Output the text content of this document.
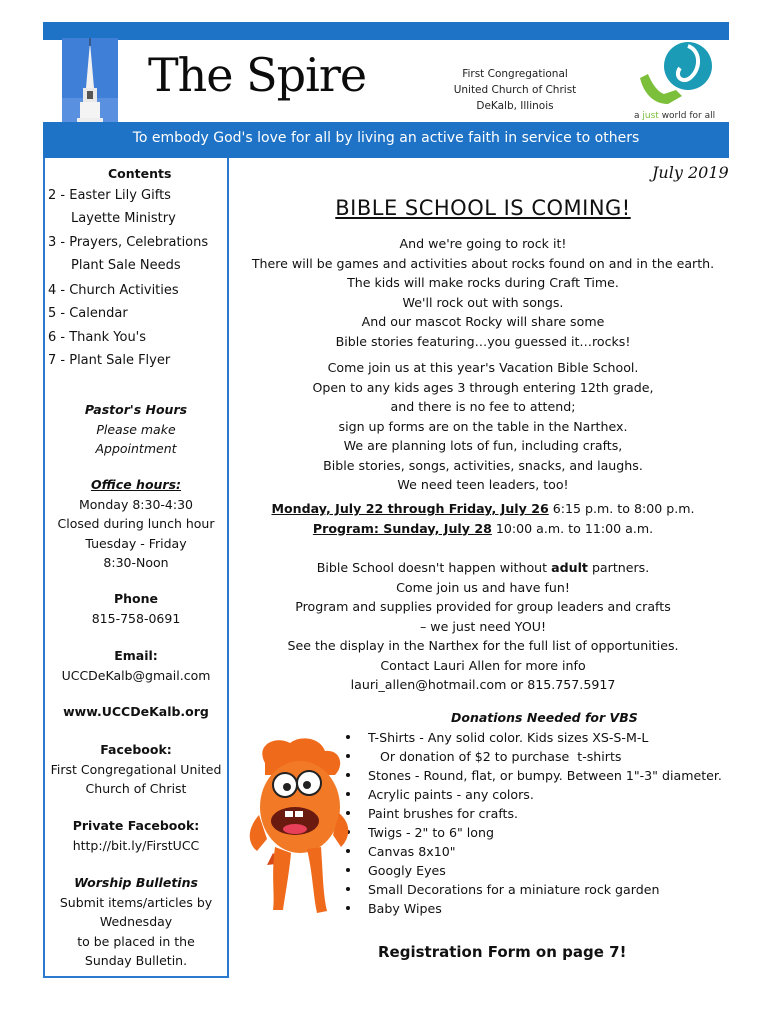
The Spire	First Congregational
United Church of Christ
DeKalb, Illinois
a just world for all
To embody God's love for all by living an active faith in service to others
Contents
2 - Easter Lily Gifts
Layette Ministry
3 - Prayers, Celebrations
Plant Sale Needs
4 - Church Activities
5 - Calendar
6 - Thank You's
7 - Plant Sale Flyer
Pastor's Hours
Please make
Appointment
Office hours:
Monday 8:30-4:30
Closed during lunch hour
Tuesday - Friday
8:30-Noon
Phone
815-758-0691
Email:
UCCDeKalb@gmail.com
www.UCCDeKalb.org
Facebook:
First Congregational United
Church of Christ
Private Facebook:
http://bit.ly/FirstUCC
Worship Bulletins
Submit items/articles by
Wednesday
to be placed in the
Sunday Bulletin.
July 2019
BIBLE SCHOOL IS COMING!
And we're going to rock it!
There will be games and activities about rocks found on and in the earth.
The kids will make rocks during Craft Time.
We'll rock out with songs.
And our mascot Rocky will share some
Bible stories featuring…you guessed it…rocks!
Come join us at this year's Vacation Bible School.
Open to any kids ages 3 through entering 12th grade,
and there is no fee to attend;
sign up forms are on the table in the Narthex.
We are planning lots of fun, including crafts,
Bible stories, songs, activities, snacks, and laughs.
We need teen leaders, too!
Monday, July 22 through Friday, July 26 6:15 p.m. to 8:00 p.m.
Program: Sunday, July 28 10:00 a.m. to 11:00 a.m.
Bible School doesn't happen without adult partners.
Come join us and have fun!
Program and supplies provided for group leaders and crafts
– we just need YOU!
See the display in the Narthex for the full list of opportunities.
Contact Lauri Allen for more info
lauri_allen@hotmail.com or 815.757.5917
Donations Needed for VBS
T-Shirts - Any solid color. Kids sizes XS-S-M-L
Or donation of $2 to purchase  t-shirts
Stones - Round, flat, or bumpy. Between 1"-3" diameter.
Acrylic paints - any colors.
Paint brushes for crafts.
Twigs - 2" to 6" long
Canvas 8x10"
Googly Eyes
Small Decorations for a miniature rock garden
Baby Wipes
Registration Form on page 7!
